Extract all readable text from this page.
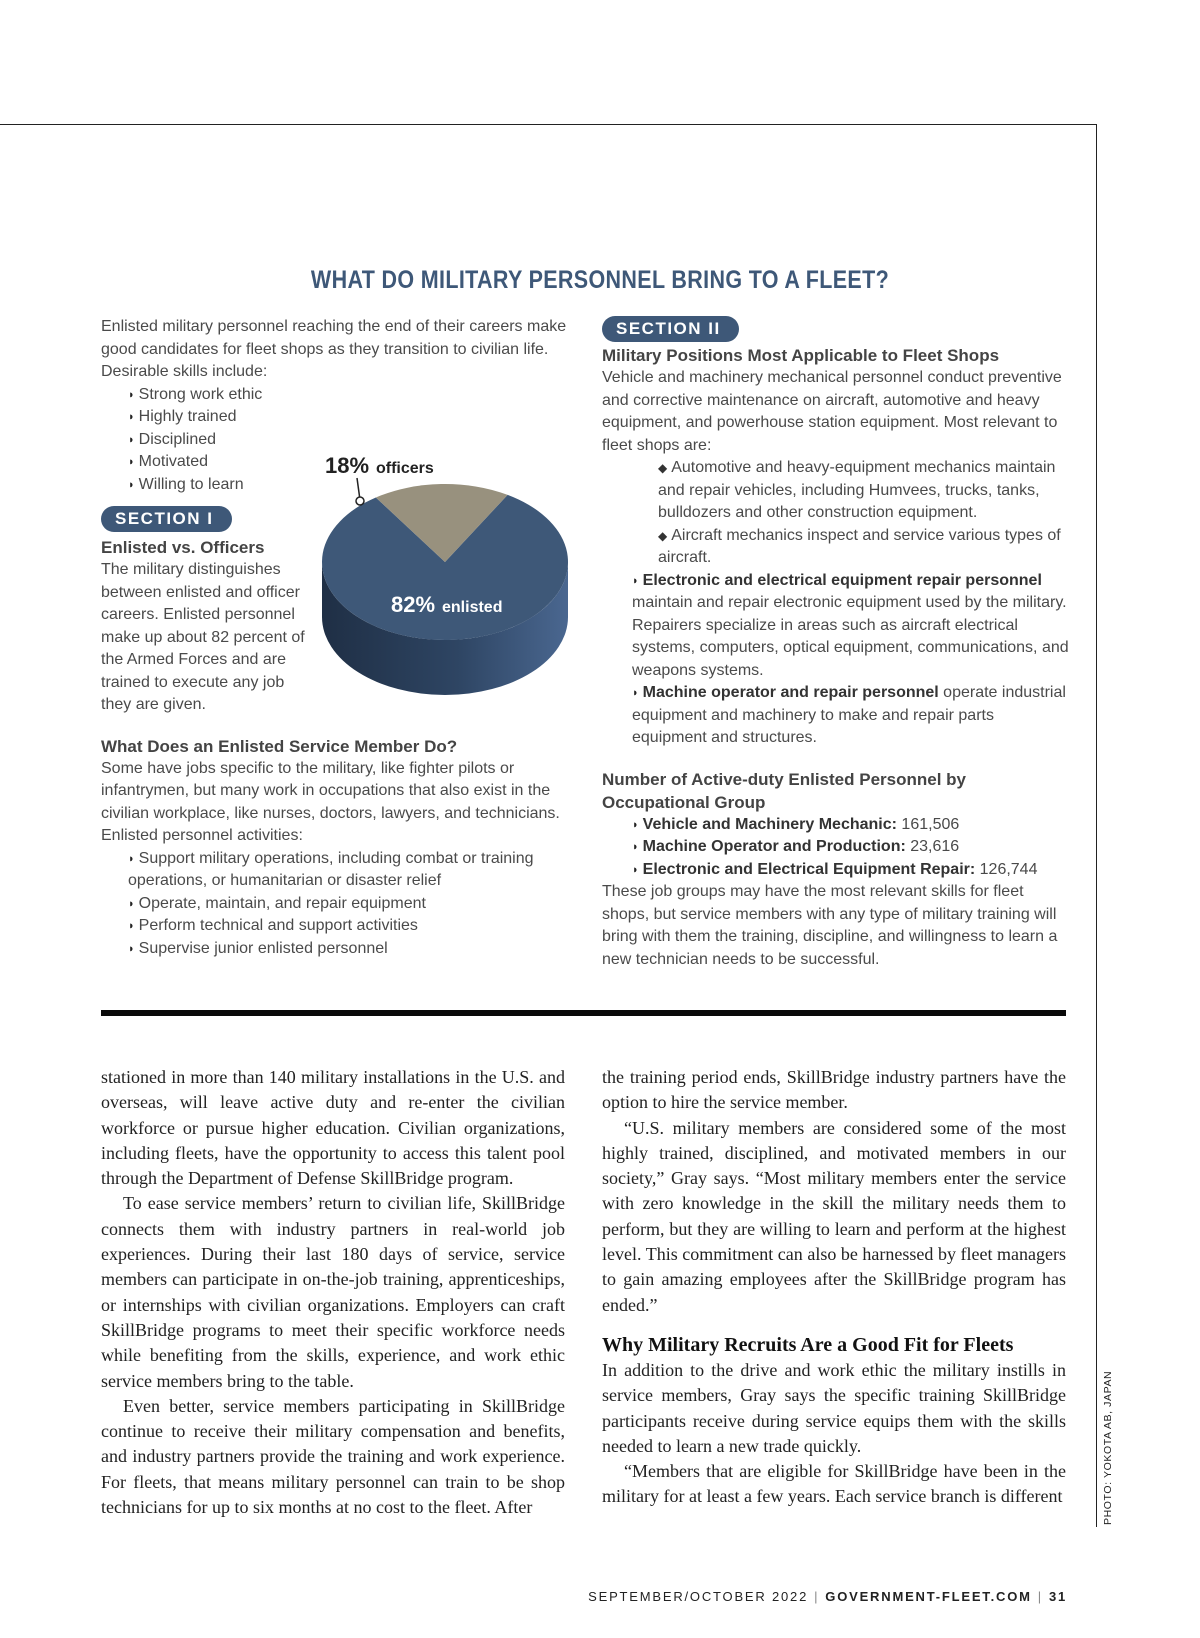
WHAT DO MILITARY PERSONNEL BRING TO A FLEET?
Enlisted military personnel reaching the end of their careers make good candidates for fleet shops as they transition to civilian life. Desirable skills include:
◗ Strong work ethic
◗ Highly trained
◗ Disciplined
◗ Motivated
◗ Willing to learn
SECTION I
Enlisted vs. Officers
The military distinguishes between enlisted and officer careers. Enlisted personnel make up about 82 percent of the Armed Forces and are trained to execute any job they are given.
What Does an Enlisted Service Member Do?
Some have jobs specific to the military, like fighter pilots or infantrymen, but many work in occupations that also exist in the civilian workplace, like nurses, doctors, lawyers, and technicians.
Enlisted personnel activities:
◗ Support military operations, including combat or training operations, or humanitarian or disaster relief
◗ Operate, maintain, and repair equipment
◗ Perform technical and support activities
◗ Supervise junior enlisted personnel
18% officers
82% enlisted
SECTION II
Military Positions Most Applicable to Fleet Shops
Vehicle and machinery mechanical personnel conduct preventive and corrective maintenance on aircraft, automotive and heavy equipment, and powerhouse station equipment. Most relevant to fleet shops are:
◆ Automotive and heavy-equipment mechanics maintain and repair vehicles, including Humvees, trucks, tanks, bulldozers and other construction equipment.
◆ Aircraft mechanics inspect and service various types of aircraft.
◗ Electronic and electrical equipment repair personnel maintain and repair electronic equipment used by the military. Repairers specialize in areas such as aircraft electrical systems, computers, optical equipment, communications, and weapons systems.
◗ Machine operator and repair personnel operate industrial equipment and machinery to make and repair parts equipment and structures.
Number of Active-duty Enlisted Personnel by Occupational Group
◗ Vehicle and Machinery Mechanic: 161,506
◗ Machine Operator and Production: 23,616
◗ Electronic and Electrical Equipment Repair: 126,744
These job groups may have the most relevant skills for fleet shops, but service members with any type of military training will bring with them the training, discipline, and willingness to learn a new technician needs to be successful.

stationed in more than 140 military installations in the U.S. and overseas, will leave active duty and re-enter the civilian workforce or pursue higher education. Civilian organizations, including fleets, have the opportunity to access this talent pool through the Department of Defense SkillBridge program.

To ease service members’ return to civilian life, SkillBridge connects them with industry partners in real-world job experiences. During their last 180 days of service, service members can participate in on-the-job training, apprenticeships, or internships with civilian organizations. Employers can craft SkillBridge programs to meet their specific workforce needs while benefiting from the skills, experience, and work ethic service members bring to the table.

Even better, service members participating in SkillBridge continue to receive their military compensation and benefits, and industry partners provide the training and work experience. For fleets, that means military personnel can train to be shop technicians for up to six months at no cost to the fleet. After

the training period ends, SkillBridge industry partners have the option to hire the service member.

“U.S. military members are considered some of the most highly trained, disciplined, and motivated members in our society,” Gray says. “Most military members enter the service with zero knowledge in the skill the military needs them to perform, but they are willing to learn and perform at the highest level. This commitment can also be harnessed by fleet managers to gain amazing employees after the SkillBridge program has ended.”

Why Military Recruits Are a Good Fit for Fleets

In addition to the drive and work ethic the military instills in service members, Gray says the specific training SkillBridge participants receive during service equips them with the skills needed to learn a new trade quickly.

“Members that are eligible for SkillBridge have been in the military for at least a few years. Each service branch is different	PHOTO: YOKOTA AB, JAPAN
SEPTEMBER/OCTOBER 2022 | GOVERNMENT-FLEET.COM | 31
